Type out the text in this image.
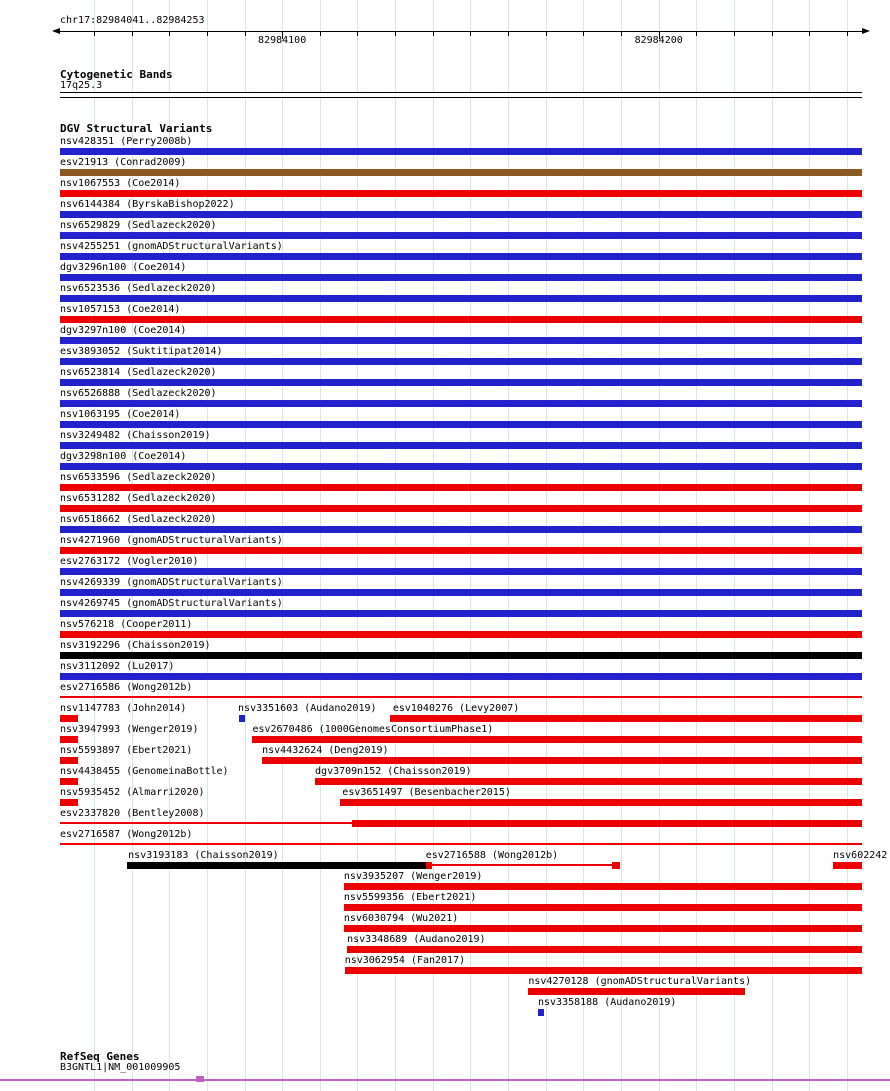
chr17:82984041..82984253
82984100	82984200
Cytogenetic Bands
17q25.3
DGV Structural Variants
nsv428351 (Perry2008b)
esv21913 (Conrad2009)
nsv1067553 (Coe2014)
nsv6144384 (ByrskaBishop2022)
nsv6529829 (Sedlazeck2020)
nsv4255251 (gnomADStructuralVariants)
dgv3296n100 (Coe2014)
nsv6523536 (Sedlazeck2020)
nsv1057153 (Coe2014)
dgv3297n100 (Coe2014)
esv3893052 (Suktitipat2014)
nsv6523814 (Sedlazeck2020)
nsv6526888 (Sedlazeck2020)
nsv1063195 (Coe2014)
nsv3249482 (Chaisson2019)
dgv3298n100 (Coe2014)
nsv6533596 (Sedlazeck2020)
nsv6531282 (Sedlazeck2020)
nsv6518662 (Sedlazeck2020)
nsv4271960 (gnomADStructuralVariants)
esv2763172 (Vogler2010)
nsv4269339 (gnomADStructuralVariants)
nsv4269745 (gnomADStructuralVariants)
nsv576218 (Cooper2011)
nsv3192296 (Chaisson2019)
nsv3112092 (Lu2017)
esv2716586 (Wong2012b)
nsv1147783 (John2014)	nsv3351603 (Audano2019) esv1040276 (Levy2007)
nsv3947993 (Wenger2019)	esv2670486 (1000GenomesConsortiumPhase1)
nsv5593897 (Ebert2021)	nsv4432624 (Deng2019)
nsv4438455 (GenomeinaBottle)	dgv3709n152 (Chaisson2019)
nsv5935452 (Almarri2020)	esv3651497 (Besenbacher2015)
esv2337820 (Bentley2008)
esv2716587 (Wong2012b)
nsv3193183 (Chaisson2019)	esv2716588 (Wong2012b)	nsv602242
nsv3935207 (Wenger2019)
nsv5599356 (Ebert2021)
nsv6030794 (Wu2021)
nsv3348689 (Audano2019)
nsv3062954 (Fan2017)
nsv4270128 (gnomADStructuralVariants)
nsv3358188 (Audano2019)
RefSeq Genes
B3GNTL1|NM_001009905
